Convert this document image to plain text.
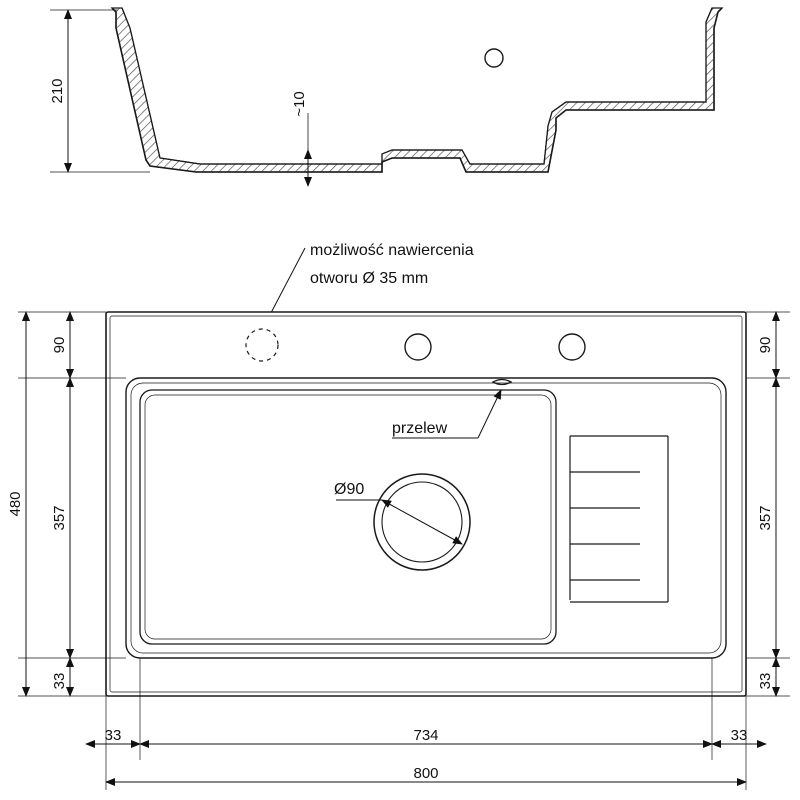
210
~10
możliwość nawiercenia
otworu Ø 35 mm
Ø90
przelew
90
357
33
480
90
357
33
33	734	33
800
